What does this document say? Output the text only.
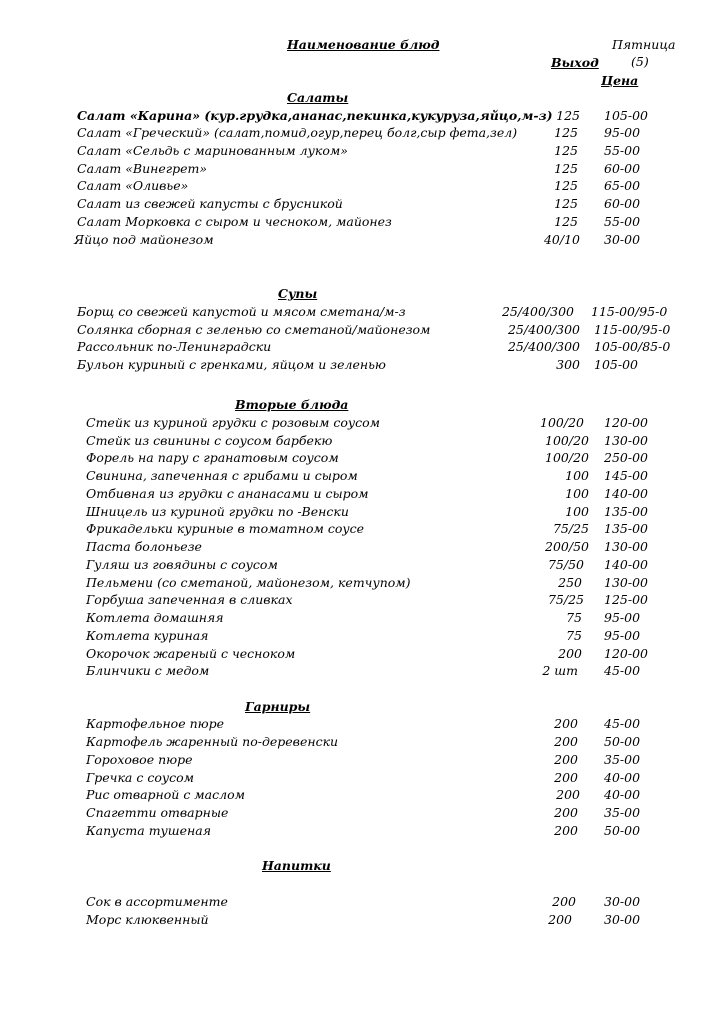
Наименование блюд	Пятница
(5)
Выход
Цена
Салаты
Салат «Карина» (кур.грудка,ананас,пекинка,кукуруза,яйцо,м-з) 125 105-00
Салат «Греческий» (салат,помид,огур,перец болг,сыр фета,зел)	125 95-00
Салат «Сельдь с маринованным луком»	125 55-00
Салат «Винегрет»	125 60-00
Салат «Оливье»	125 65-00
Салат из свежей капусты с брусникой	125 60-00
Салат Морковка с сыром и чесноком, майонез	125 55-00
Яйцо под майонезом	40/10 30-00
Супы
Борщ со свежей капустой и мясом сметана/м-з	25/400/300 115-00/95-0
Солянка сборная с зеленью со сметаной/майонезом	25/400/300 115-00/95-0
Рассольник по-Ленинградски	25/400/300 105-00/85-0
Бульон куриный с гренками, яйцом и зеленью	300 105-00
Вторые блюда
Стейк из куриной грудки с розовым соусом	100/20 120-00
Стейк из свинины с соусом барбекю	100/20 130-00
Форель на пару с гранатовым соусом	100/20 250-00
Свинина, запеченная с грибами и сыром	100 145-00
Отбивная из грудки с ананасами и сыром	100 140-00
Шницель из куриной грудки по -Венски	100 135-00
Фрикадельки куриные в томатном соусе	75/25 135-00
Паста болоньезе	200/50 130-00
Гуляш из говядины с соусом	75/50 140-00
Пельмени (со сметаной, майонезом, кетчупом)	250 130-00
Горбуша запеченная в сливках	75/25 125-00
Котлета домашняя	75 95-00
Котлета куриная	75 95-00
Окорочок жареный с чесноком	200 120-00
Блинчики с медом	2 шт 45-00
Гарниры
Картофельное пюре	200 45-00
Картофель жаренный по-деревенски	200 50-00
Гороховое пюре	200 35-00
Гречка с соусом	200 40-00
Рис отварной с маслом	200 40-00
Спагетти отварные	200 35-00
Капуста тушеная	200 50-00
Напитки
Сок в ассортименте	200 30-00
Морс клюквенный	200	30-00
